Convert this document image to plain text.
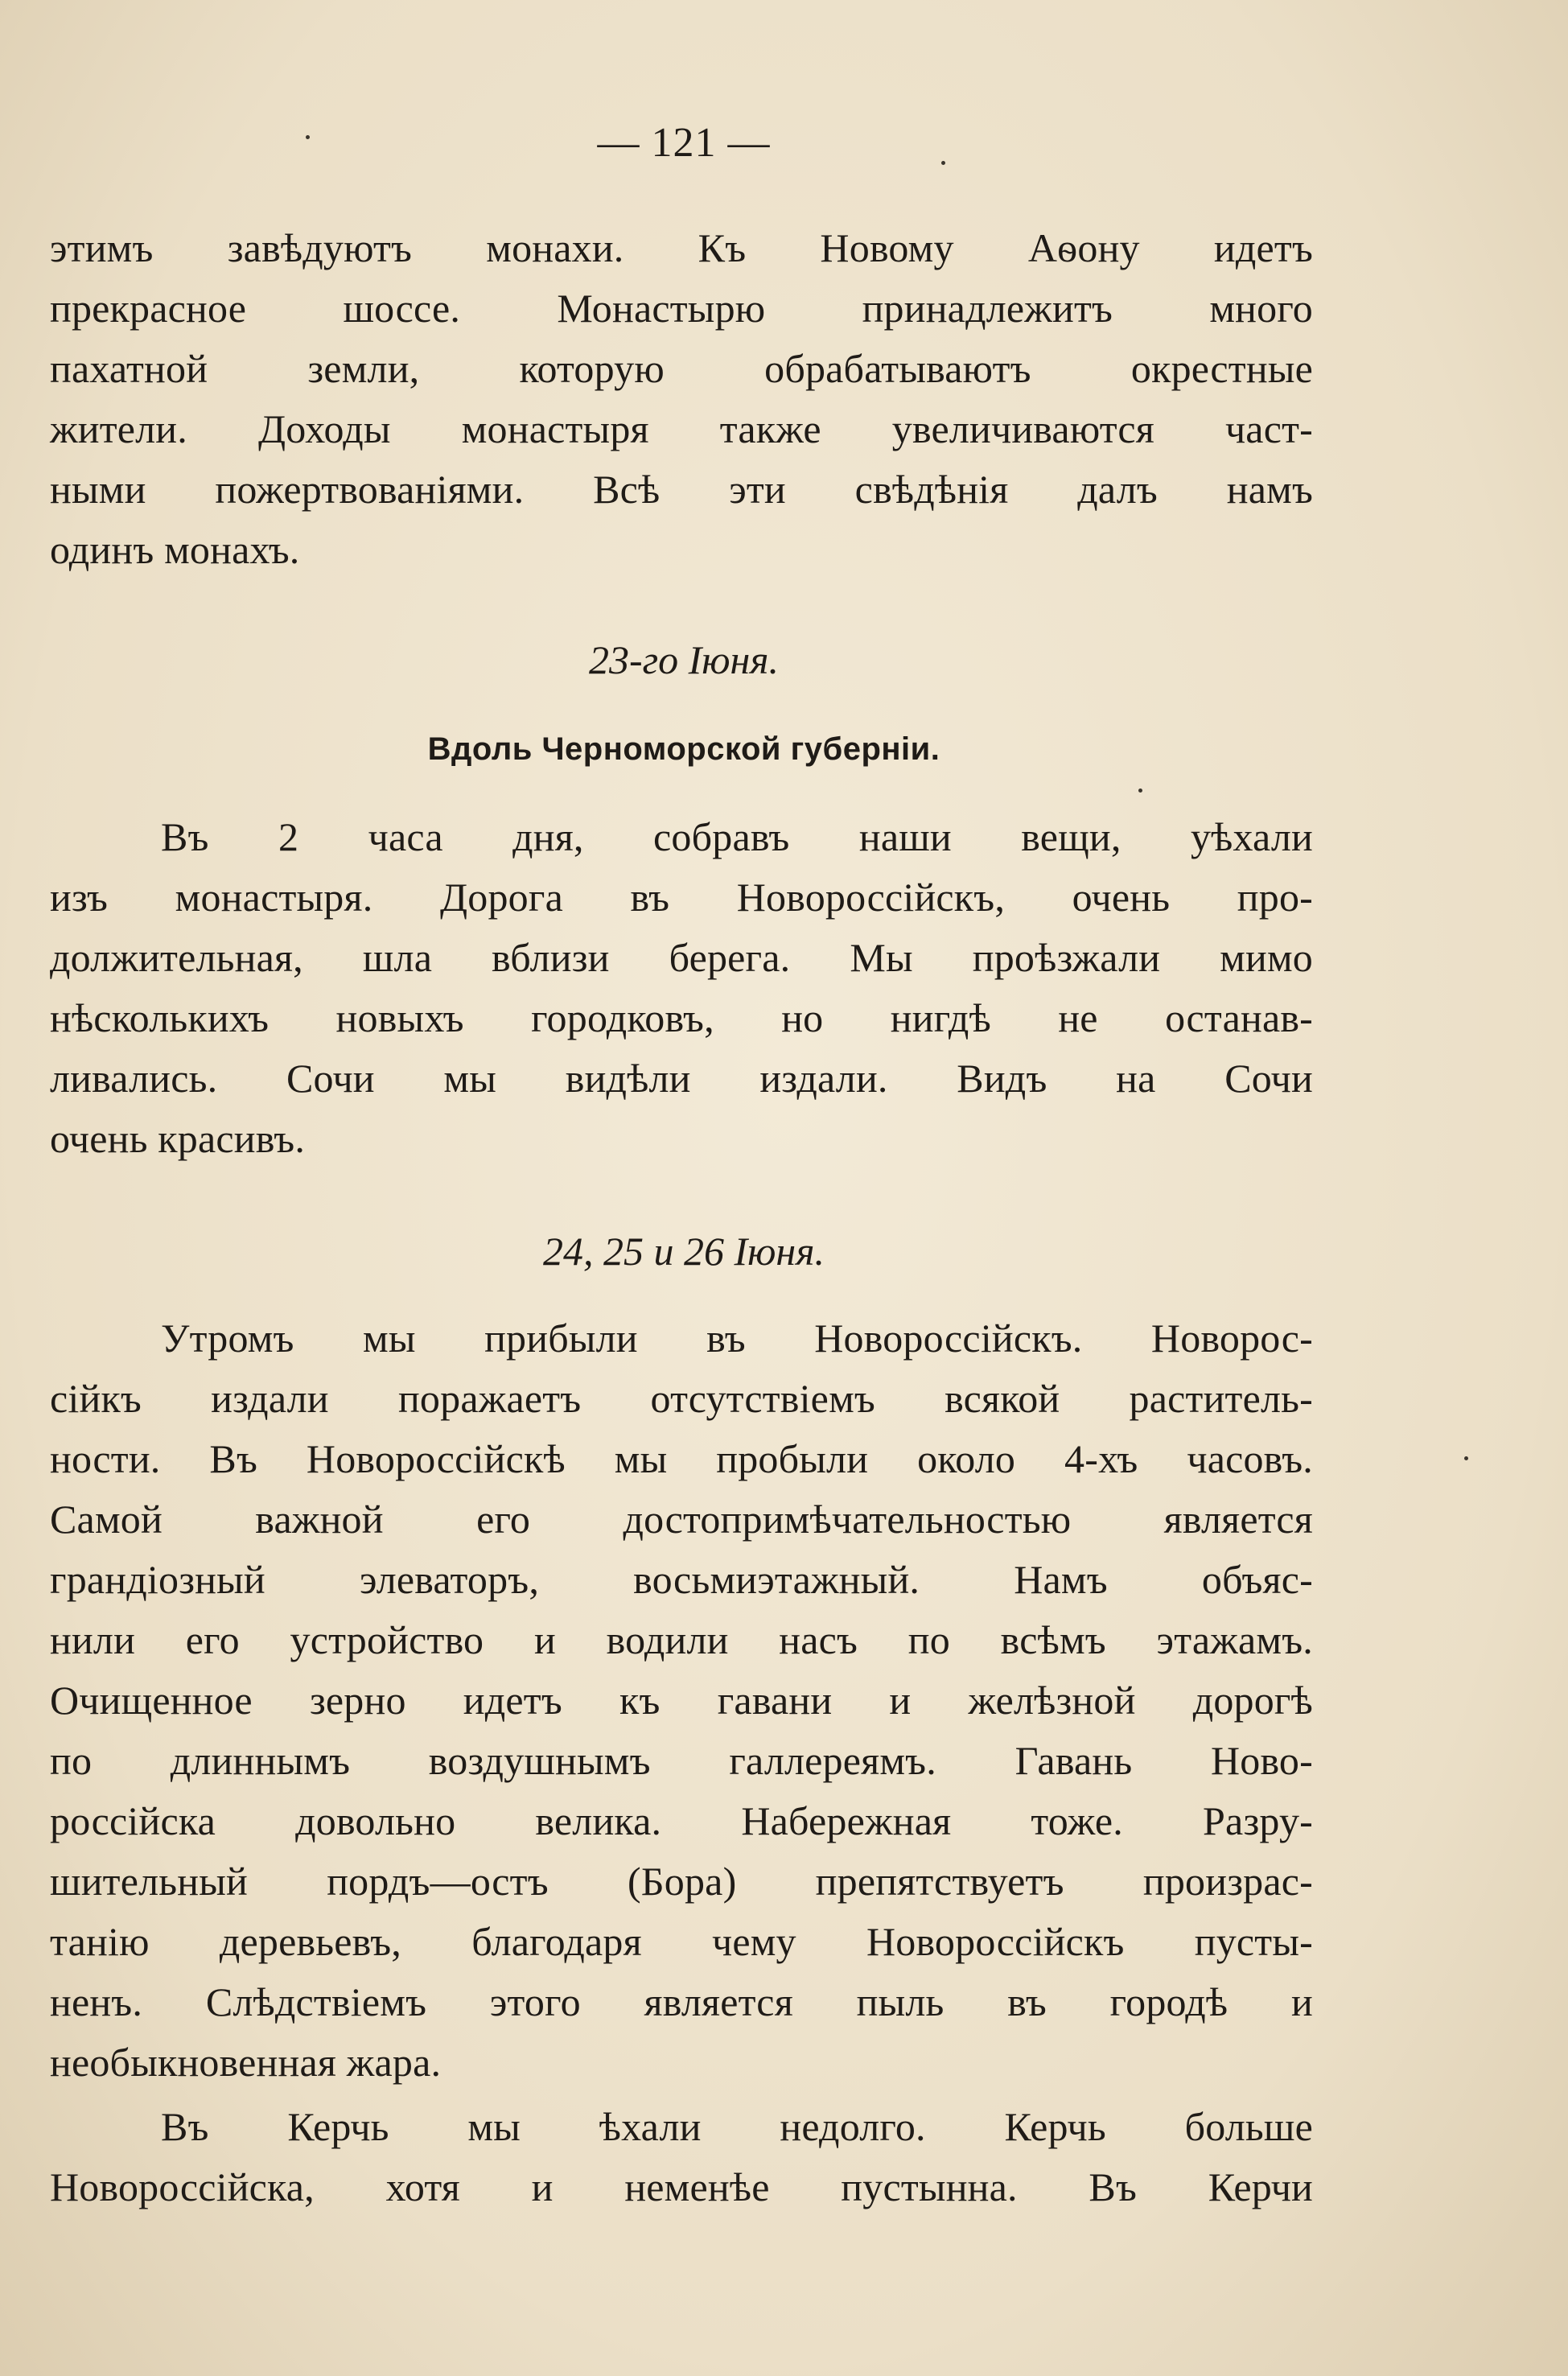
— 121 —
этимъ завѣдуютъ монахи. Къ Новому Аѳону идетъ
прекрасное шоссе. Монастырю принадлежитъ много
пахатной земли, которую обрабатываютъ окрестные
жители. Доходы монастыря также увеличиваются част-
ными пожертвованiями. Всѣ эти свѣдѣнiя далъ намъ
одинъ монахъ.
23-го Iюня.
Вдоль Черноморской губернiи.
Въ 2 часа дня, собравъ наши вещи, уѣхали
изъ монастыря. Дорога въ Новороссiйскъ, очень про-
должительная, шла вблизи берега. Мы проѣзжали мимо
нѣсколькихъ новыхъ городковъ, но нигдѣ не останав-
ливались. Сочи мы видѣли издали. Видъ на Сочи
очень красивъ.
24, 25 и 26 Iюня.
Утромъ мы прибыли въ Новороссiйскъ. Новорос-
сiйкъ издали поражаетъ отсутствiемъ всякой раститель-
ности. Въ Новороссiйскѣ мы пробыли около 4-хъ часовъ.
Самой важной его достопримѣчательностью является
грандiозный элеваторъ, восьмиэтажный. Намъ объяс-
нили его устройство и водили насъ по всѣмъ этажамъ.
Очищенное зерно идетъ къ гавани и желѣзной дорогѣ
по длиннымъ воздушнымъ галлереямъ. Гавань Ново-
россiйска довольно велика. Набережная тоже. Разру-
шительный пордъ—остъ (Бора) препятствуетъ произрас-
танiю деревьевъ, благодаря чему Новороссiйскъ пусты-
ненъ. Слѣдствiемъ этого является пыль въ городѣ и
необыкновенная жара.
Въ Керчь мы ѣхали недолго. Керчь больше
Новороссiйска, хотя и неменѣе пустынна. Въ Керчи
